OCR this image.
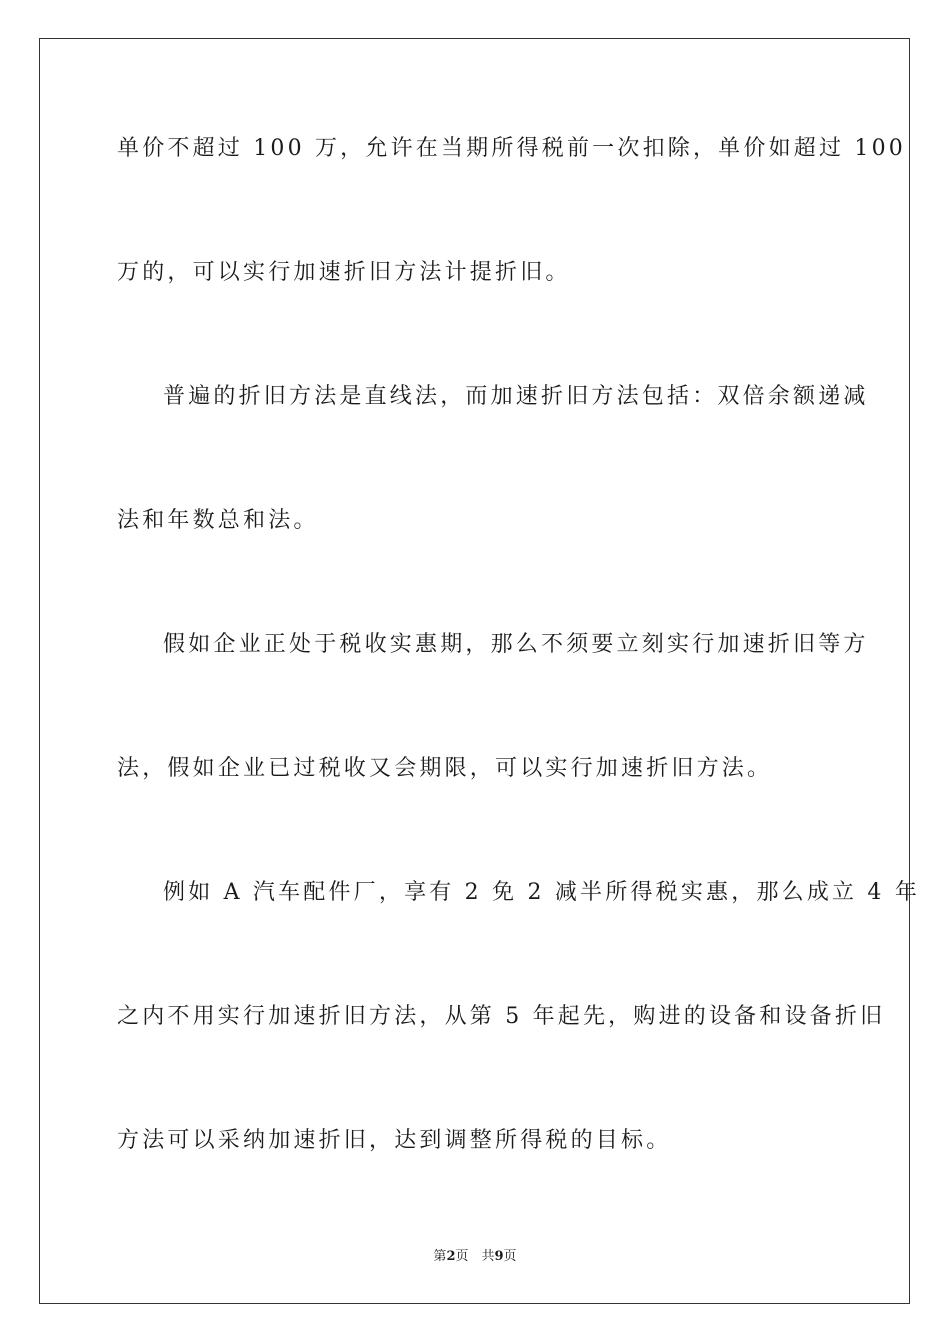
单价不超过 100 万，允许在当期所得税前一次扣除，单价如超过 100
万的，可以实行加速折旧方法计提折旧。
普遍的折旧方法是直线法，而加速折旧方法包括：双倍余额递减
法和年数总和法。
假如企业正处于税收实惠期，那么不须要立刻实行加速折旧等方
法，假如企业已过税收又会期限，可以实行加速折旧方法。
例如 A 汽车配件厂，享有 2 免 2 减半所得税实惠，那么成立 4 年
之内不用实行加速折旧方法，从第 5 年起先，购进的设备和设备折旧
方法可以采纳加速折旧，达到调整所得税的目标。
第2页　共9页
